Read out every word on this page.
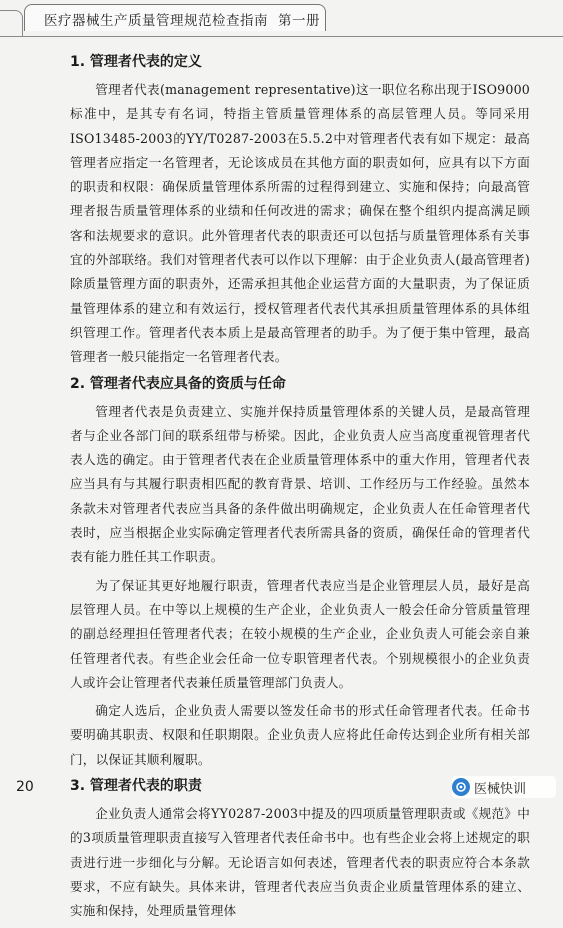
医疗器械生产质量管理规范检查指南 第一册
1. 管理者代表的定义

管理者代表(management representative)这一职位名称出现于ISO9000标准中，是其专有名词，特指主管质量管理体系的高层管理人员。等同采用ISO13485-2003的YY/T0287-2003在5.5.2中对管理者代表有如下规定：最高管理者应指定一名管理者，无论该成员在其他方面的职责如何，应具有以下方面的职责和权限：确保质量管理体系所需的过程得到建立、实施和保持；向最高管理者报告质量管理体系的业绩和任何改进的需求；确保在整个组织内提高满足顾客和法规要求的意识。此外管理者代表的职责还可以包括与质量管理体系有关事宜的外部联络。我们对管理者代表可以作以下理解：由于企业负责人(最高管理者)除质量管理方面的职责外，还需承担其他企业运营方面的大量职责，为了保证质量管理体系的建立和有效运行，授权管理者代表代其承担质量管理体系的具体组织管理工作。管理者代表本质上是最高管理者的助手。为了便于集中管理，最高管理者一般只能指定一名管理者代表。

2. 管理者代表应具备的资质与任命

管理者代表是负责建立、实施并保持质量管理体系的关键人员，是最高管理者与企业各部门间的联系纽带与桥梁。因此，企业负责人应当高度重视管理者代表人选的确定。由于管理者代表在企业质量管理体系中的重大作用，管理者代表应当具有与其履行职责相匹配的教育背景、培训、工作经历与工作经验。虽然本条款未对管理者代表应当具备的条件做出明确规定，企业负责人在任命管理者代表时，应当根据企业实际确定管理者代表所需具备的资质，确保任命的管理者代表有能力胜任其工作职责。

为了保证其更好地履行职责，管理者代表应当是企业管理层人员，最好是高层管理人员。在中等以上规模的生产企业，企业负责人一般会任命分管质量管理的副总经理担任管理者代表；在较小规模的生产企业，企业负责人可能会亲自兼任管理者代表。有些企业会任命一位专职管理者代表。个别规模很小的企业负责人或许会让管理者代表兼任质量管理部门负责人。

确定人选后，企业负责人需要以签发任命书的形式任命管理者代表。任命书要明确其职责、权限和任职期限。企业负责人应将此任命传达到企业所有相关部门，以保证其顺利履职。

3. 管理者代表的职责

企业负责人通常会将YY0287-2003中提及的四项质量管理职责或《规范》中的3项质量管理职责直接写入管理者代表任命书中。也有些企业会将上述规定的职责进行进一步细化与分解。无论语言如何表述，管理者代表的职责应符合本条款要求，不应有缺失。具体来讲，管理者代表应当负责企业质量管理体系的建立、实施和保持，处理质量管理体

20	医械快训
